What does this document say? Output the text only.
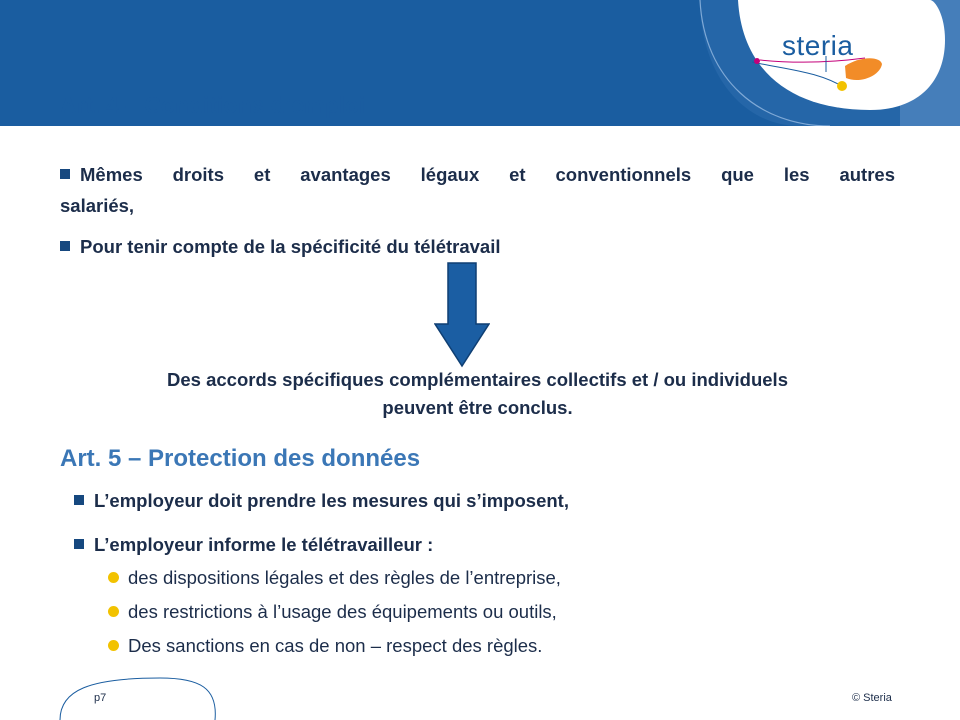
steria
Art. 4 – Conditions d’emploi
Mêmes droits et avantages légaux et conventionnels que les autres
salariés,
Pour tenir compte de la spécificité du télétravail
Des accords spécifiques complémentaires collectifs et / ou individuels
peuvent être conclus.
Art. 5 – Protection des données
L’employeur doit prendre les mesures qui s’imposent,
L’employeur informe le télétravailleur :
des dispositions légales et des règles de l’entreprise,
des restrictions à l’usage des équipements ou outils,
Des sanctions en cas de non – respect des règles.
p7	© Steria
